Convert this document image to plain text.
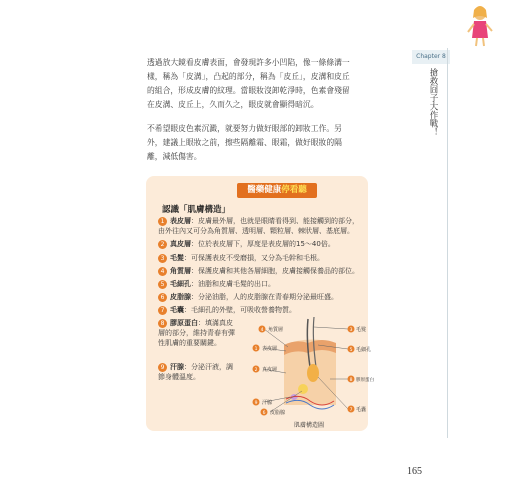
Chapter 8
搶救囧子大作戰！

透過放大鏡看皮膚表面，會發現許多小凹陷，像一條條溝一樣，稱為「皮溝」，凸起的部分，稱為「皮丘」，皮溝和皮丘的組合，形成皮膚的紋理。當眼妝沒卸乾淨時，色素會殘留在皮溝、皮丘上，久而久之，眼皮就會顯得暗沉。

不希望眼皮色素沉澱，就要努力做好眼部的卸妝工作。另外，建議上眼妝之前，擦些隔離霜、眼霜，做好眼妝的隔離，減低傷害。

醫藥健康停看聽
認識「肌膚構造」
1 表皮層：皮膚最外層，也就是眼睛看得到、能接觸到的部分，由外往內又可分為角質層、透明層、顆粒層、棘狀層、基底層。
2 真皮層：位於表皮層下，厚度是表皮層的15～40倍。
3 毛髮：可保護表皮不受磨損，又分為毛幹和毛根。
4 角質層：保護皮膚和其他各層細胞，皮膚接觸保養品的部位。
5 毛細孔：油脂和皮膚毛髮的出口。
6 皮脂腺：分泌油脂，人的皮脂腺在青春期分泌最旺盛。
7 毛囊：毛細孔的外壁，可吸收營養物質。
8 膠原蛋白：填滿真皮層的部分，維持青春有彈性肌膚的重要關鍵。
9 汗腺：分泌汗液，調節身體溫度。
4 角質層
1 表皮層
2 真皮層
9 汗腺
6 皮脂腺
3 毛髮
5 毛細孔
8 膠原蛋白
7 毛囊
肌膚構造圖
165
